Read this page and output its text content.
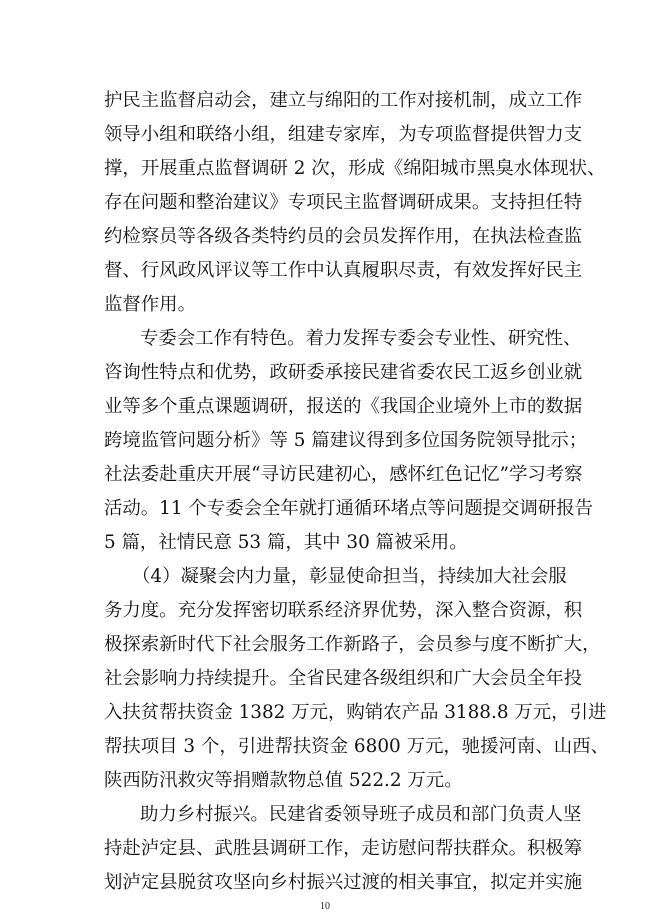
护民主监督启动会，建立与绵阳的工作对接机制，成立工作
领导小组和联络小组，组建专家库，为专项监督提供智力支
撑，开展重点监督调研 2 次，形成《绵阳城市黑臭水体现状、
存在问题和整治建议》专项民主监督调研成果。支持担任特
约检察员等各级各类特约员的会员发挥作用，在执法检查监
督、行风政风评议等工作中认真履职尽责，有效发挥好民主
监督作用。
专委会工作有特色。着力发挥专委会专业性、研究性、
咨询性特点和优势，政研委承接民建省委农民工返乡创业就
业等多个重点课题调研，报送的《我国企业境外上市的数据
跨境监管问题分析》等 5 篇建议得到多位国务院领导批示；
社法委赴重庆开展“寻访民建初心，感怀红色记忆”学习考察
活动。11 个专委会全年就打通循环堵点等问题提交调研报告
5 篇，社情民意 53 篇，其中 30 篇被采用。
（4）凝聚会内力量，彰显使命担当，持续加大社会服
务力度。充分发挥密切联系经济界优势，深入整合资源，积
极探索新时代下社会服务工作新路子，会员参与度不断扩大，
社会影响力持续提升。全省民建各级组织和广大会员全年投
入扶贫帮扶资金 1382 万元，购销农产品 3188.8 万元，引进
帮扶项目 3 个，引进帮扶资金 6800 万元，驰援河南、山西、
陕西防汛救灾等捐赠款物总值 522.2 万元。
助力乡村振兴。民建省委领导班子成员和部门负责人坚
持赴泸定县、武胜县调研工作，走访慰问帮扶群众。积极筹
划泸定县脱贫攻坚向乡村振兴过渡的相关事宜，拟定并实施
10
